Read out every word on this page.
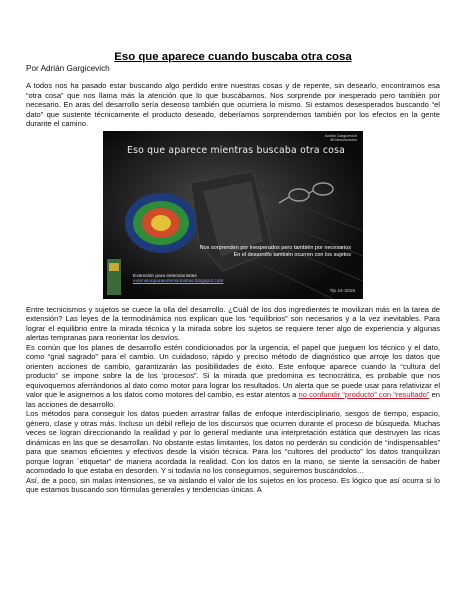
Eso que aparece cuando buscaba otra cosa
Por Adrián Gargicevich

A todos nos ha pasado estar buscando algo perdido entre nuestras cosas y de repente, sin desearlo, encontramos esa “otra cosa” que nos llama más la atención que lo que buscábamos. Nos sorprende por inesperado pero también por necesario. En aras del desarrollo sería deseoso también que ocurriera lo mismo. Si estamos desesperados buscando “el dato” que sustente técnicamente el producto deseado, deberíamos sorprendernos también por los efectos en la gente durante el camino.

Adrián Gargicevich
#Extensionismo
Eso que aparece mientras buscaba otra cosa
Nos sorprenden por inesperados pero también por necesarios
En el desarrollo también ocurren con los sujetos
Extensión para extensionistas
extensionparaextensionistas.blogspot.com
Tip 24-2015

Entre tecnicismos y sujetos se cuece la olla del desarrollo. ¿Cuál de los dos ingredientes te movilizan más en la tarea de extensión? Las leyes de la termodinámica nos explican que los “equilibrios” son necesarios y a la vez inevitables. Para lograr el equilibrio entre la mirada técnica y la mirada sobre los sujetos se requiere tener algo de experiencia y algunas alertas tempranas para reorientar los desvíos.

Es común que los planes de desarrollo estén condicionados por la urgencia, el papel que jueguen los técnico y el dato, como “grial sagrado” para el cambio. Un cuidadoso, rápido y preciso método de diagnóstico que arroje los datos que orienten acciones de cambio, garantizarán las posibilidades de éxito. Este enfoque aparece cuando la “cultura del producto” se impone sobre la de los ‘procesos”. Si la mirada que predomina es tecnocrática, es probable que nos equivoquemos aferrándonos al dato como motor para lograr los resultados. Un alerta que se puede usar para relativizar el valor que le asignemos a los datos como motores del cambio, es estar atentos a no confundir “producto” con “resultado” en las acciones de desarrollo.

Los métodos para conseguir los datos pueden arrastrar fallas de enfoque interdisciplinario, sesgos de tiempo, espacio, género, clase y otras más. Incluso un débil reflejo de los discursos que ocurren durante el proceso de búsqueda. Muchas veces se logran direccionando la realidad y por lo general mediante una interpretación estática que destruyen las ricas dinámicas en las que se desarrollan. No obstante estas limitantes, los datos no perderán su condición de “indispensables” para que seamos eficientes y efectivos desde la visión técnica. Para los “cultores del producto” los datos tranquilizan porque logran ´etiquetar” de manera acordada la realidad. Con los datos en la mano, se siente la sensación de haber acomodado lo que estaba en desorden. Y si todavía no los conseguimos, seguiremos buscándolos…

Así, de a poco, sin malas intensiones, se va aislando el valor de los sujetos en los proceso. Es lógico que así ocurra si lo que estamos buscando son fórmulas generales y tendencias únicas. A
